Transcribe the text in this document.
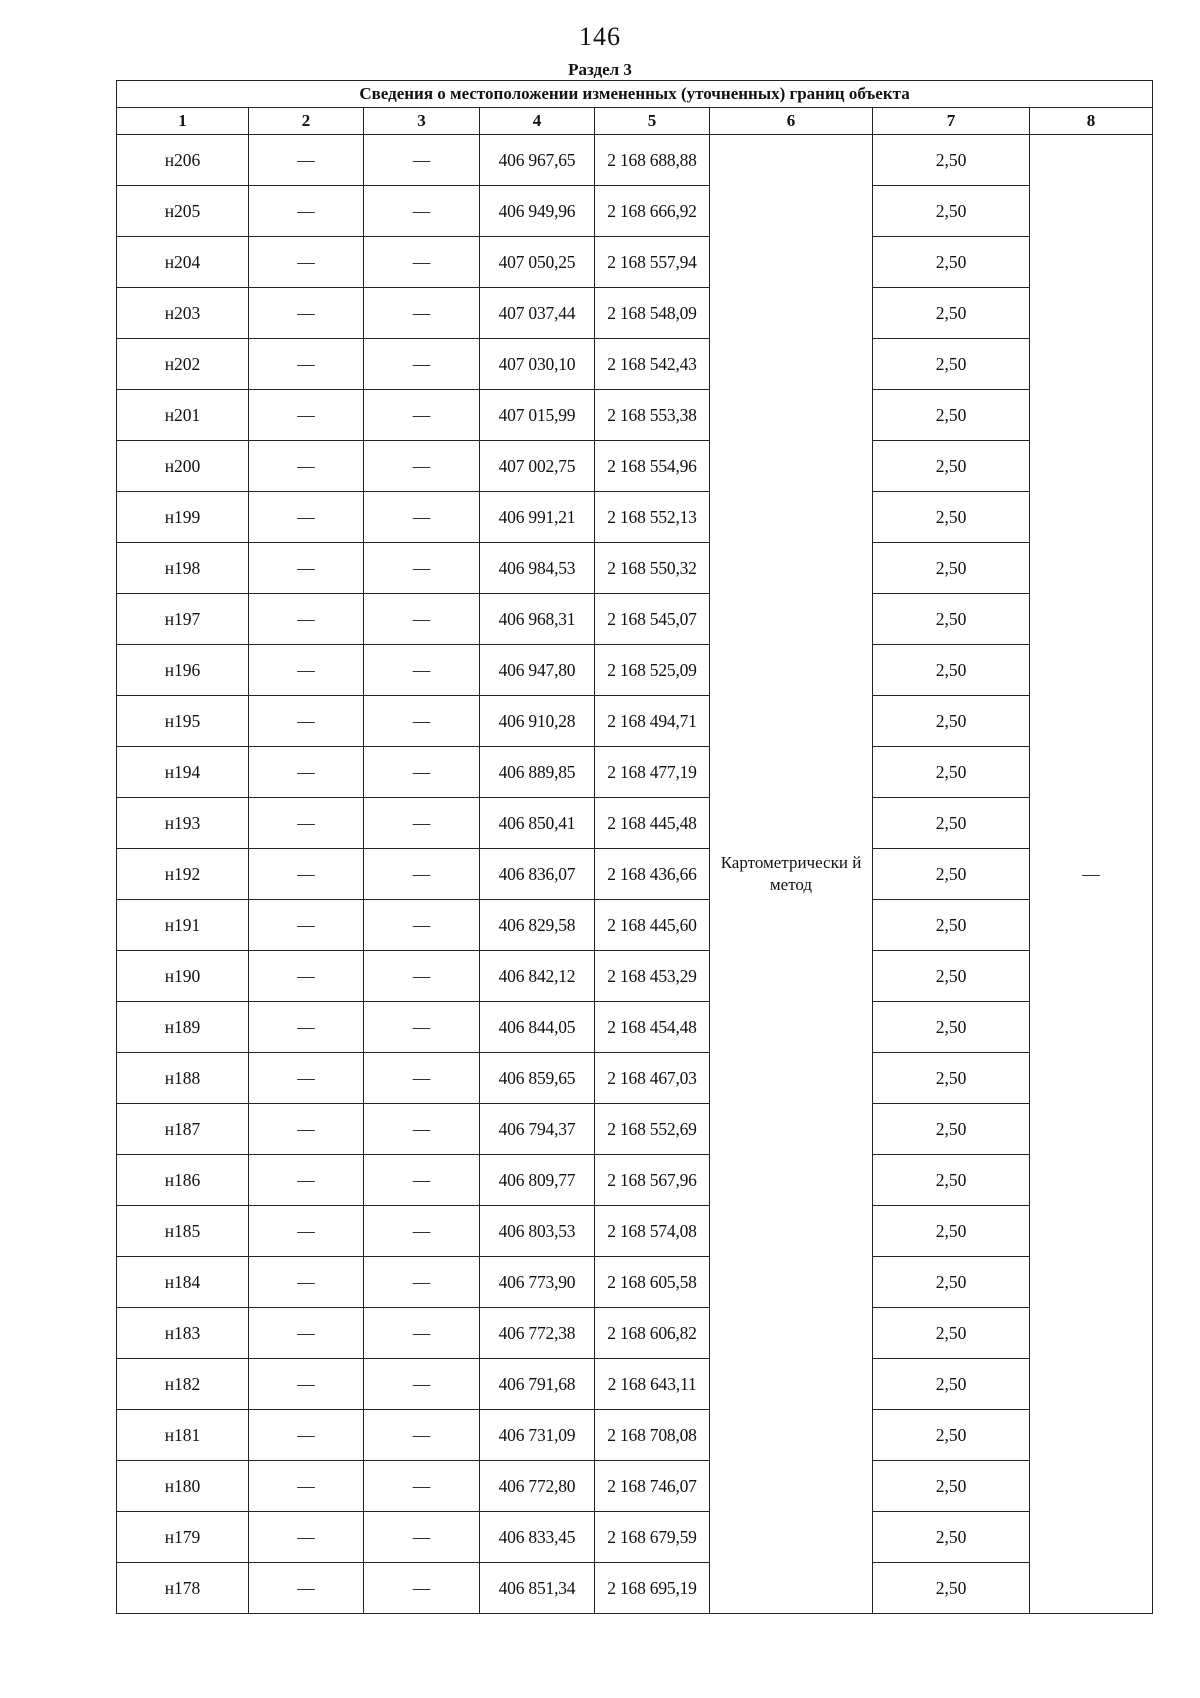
146
Раздел 3
Сведения о местоположении измененных (уточненных) границ объекта							
1	2	3	4	5	6	7	8
н206	—	—	406 967,65	2 168 688,88	Картометрически й метод	2,50	—
н205	—	—	406 949,96	2 168 666,92		2,50	
н204	—	—	407 050,25	2 168 557,94		2,50	
н203	—	—	407 037,44	2 168 548,09		2,50	
н202	—	—	407 030,10	2 168 542,43		2,50	
н201	—	—	407 015,99	2 168 553,38		2,50	
н200	—	—	407 002,75	2 168 554,96		2,50	
н199	—	—	406 991,21	2 168 552,13		2,50	
н198	—	—	406 984,53	2 168 550,32		2,50	
н197	—	—	406 968,31	2 168 545,07		2,50	
н196	—	—	406 947,80	2 168 525,09		2,50	
н195	—	—	406 910,28	2 168 494,71		2,50	
н194	—	—	406 889,85	2 168 477,19		2,50	
н193	—	—	406 850,41	2 168 445,48		2,50	
н192	—	—	406 836,07	2 168 436,66		2,50	
н191	—	—	406 829,58	2 168 445,60		2,50	
н190	—	—	406 842,12	2 168 453,29		2,50	
н189	—	—	406 844,05	2 168 454,48		2,50	
н188	—	—	406 859,65	2 168 467,03		2,50	
н187	—	—	406 794,37	2 168 552,69		2,50	
н186	—	—	406 809,77	2 168 567,96		2,50	
н185	—	—	406 803,53	2 168 574,08		2,50	
н184	—	—	406 773,90	2 168 605,58		2,50	
н183	—	—	406 772,38	2 168 606,82		2,50	
н182	—	—	406 791,68	2 168 643,11		2,50	
н181	—	—	406 731,09	2 168 708,08		2,50	
н180	—	—	406 772,80	2 168 746,07		2,50	
н179	—	—	406 833,45	2 168 679,59		2,50	
н178	—	—	406 851,34	2 168 695,19		2,50	
